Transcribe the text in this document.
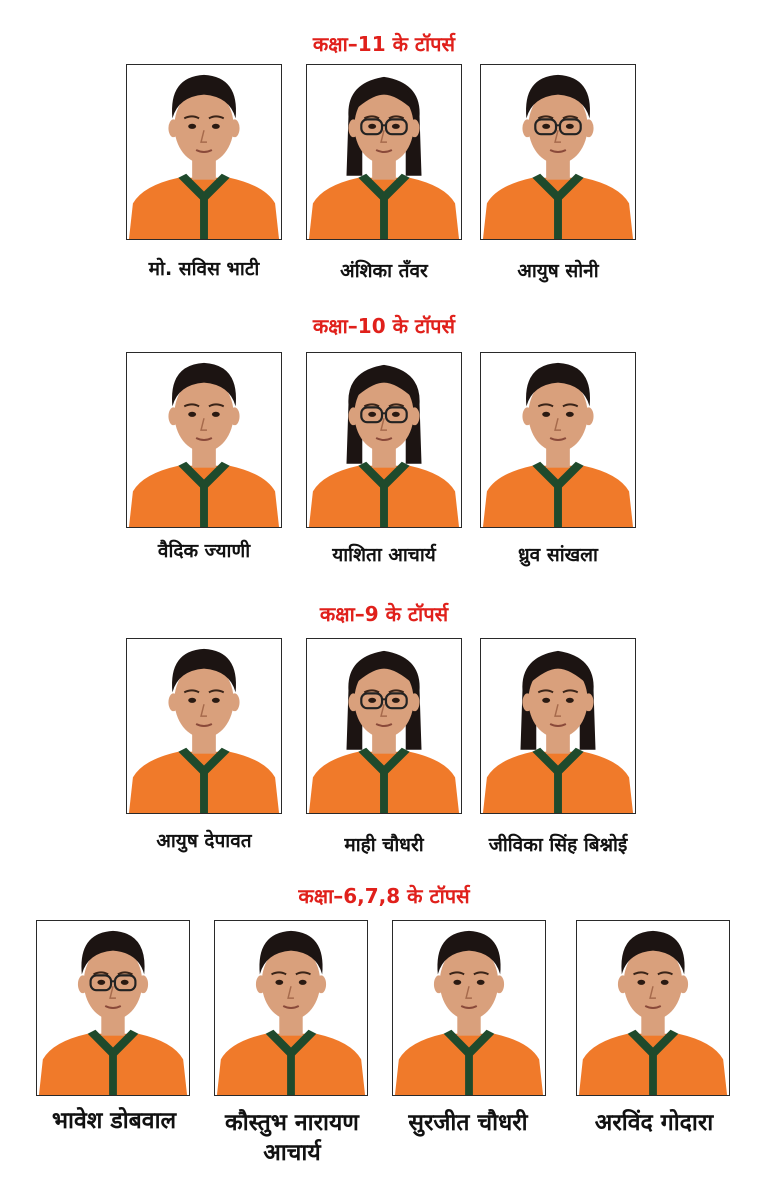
कक्षा–11 के टॉपर्स
मो. सविस भाटी	अंशिका तँवर	आयुष सोनी
कक्षा–10 के टॉपर्स
वैदिक ज्याणी	याशिता आचार्य	ध्रुव सांखला
कक्षा–9 के टॉपर्स
आयुष देपावत	माही चौधरी	जीविका सिंह बिश्नोई
कक्षा–6,7,8 के टॉपर्स
भावेश डोबवाल	कौस्तुभ नारायण
आचार्य
सुरजीत चौधरी	अरविंद गोदारा
